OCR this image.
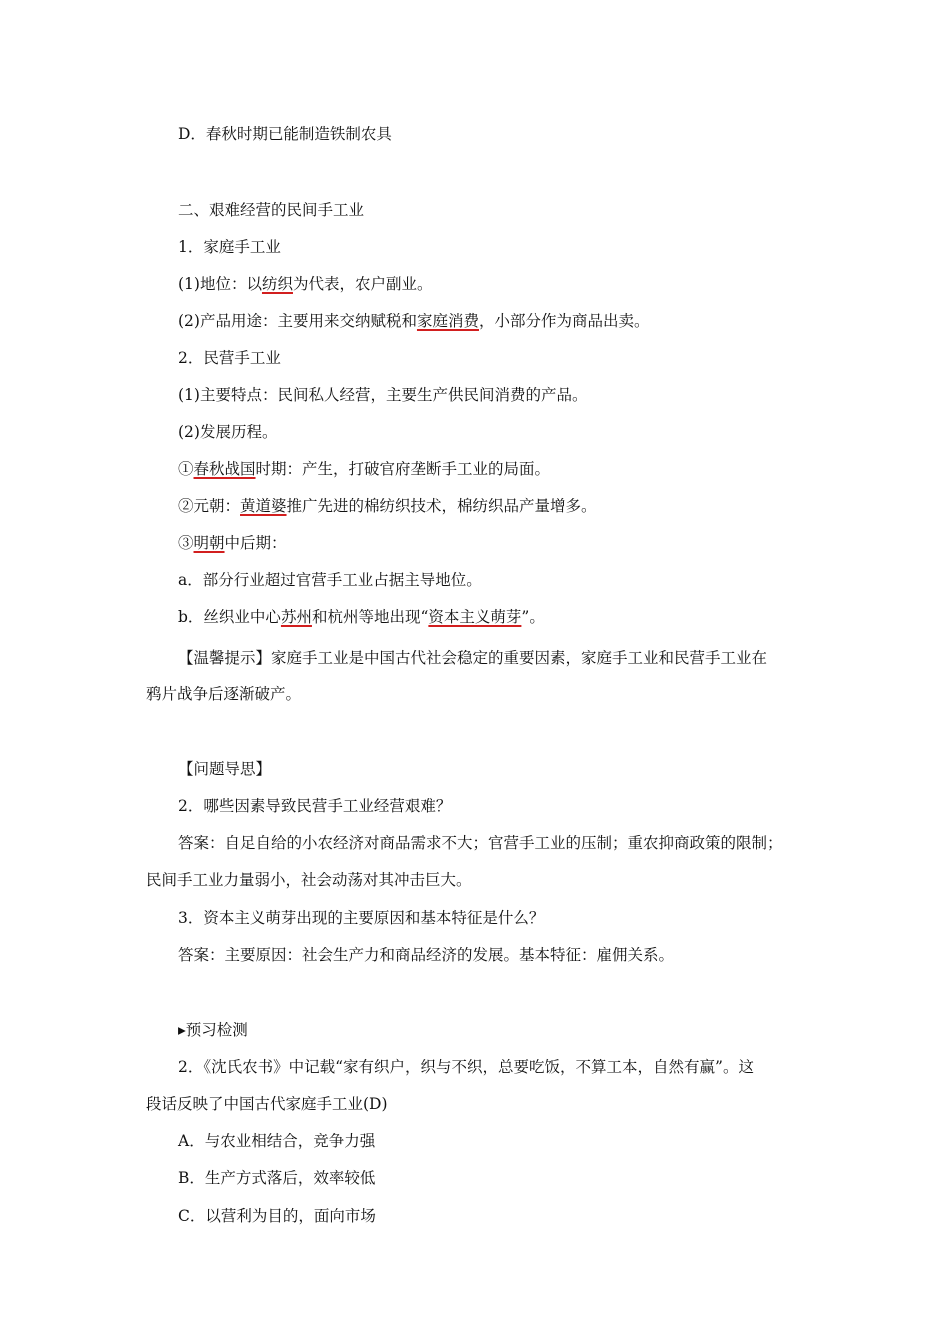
D．春秋时期已能制造铁制农具
二、艰难经营的民间手工业
1．家庭手工业
(1)地位：以纺织为代表，农户副业。
(2)产品用途：主要用来交纳赋税和家庭消费，小部分作为商品出卖。
2．民营手工业
(1)主要特点：民间私人经营，主要生产供民间消费的产品。
(2)发展历程。
①春秋战国时期：产生，打破官府垄断手工业的局面。
②元朝：黄道婆推广先进的棉纺织技术，棉纺织品产量增多。
③明朝中后期：
a．部分行业超过官营手工业占据主导地位。
b．丝织业中心苏州和杭州等地出现“资本主义萌芽”。
【温馨提示】家庭手工业是中国古代社会稳定的重要因素，家庭手工业和民营手工业在
鸦片战争后逐渐破产。
【问题导思】
2．哪些因素导致民营手工业经营艰难？
答案：自足自给的小农经济对商品需求不大；官营手工业的压制；重农抑商政策的限制；
民间手工业力量弱小，社会动荡对其冲击巨大。
3．资本主义萌芽出现的主要原因和基本特征是什么？
答案：主要原因：社会生产力和商品经济的发展。基本特征：雇佣关系。
▸预习检测
2．《沈氏农书》中记载“家有织户，织与不织，总要吃饭，不算工本，自然有赢”。这
段话反映了中国古代家庭手工业(D)
A．与农业相结合，竞争力强
B．生产方式落后，效率较低
C．以营利为目的，面向市场
